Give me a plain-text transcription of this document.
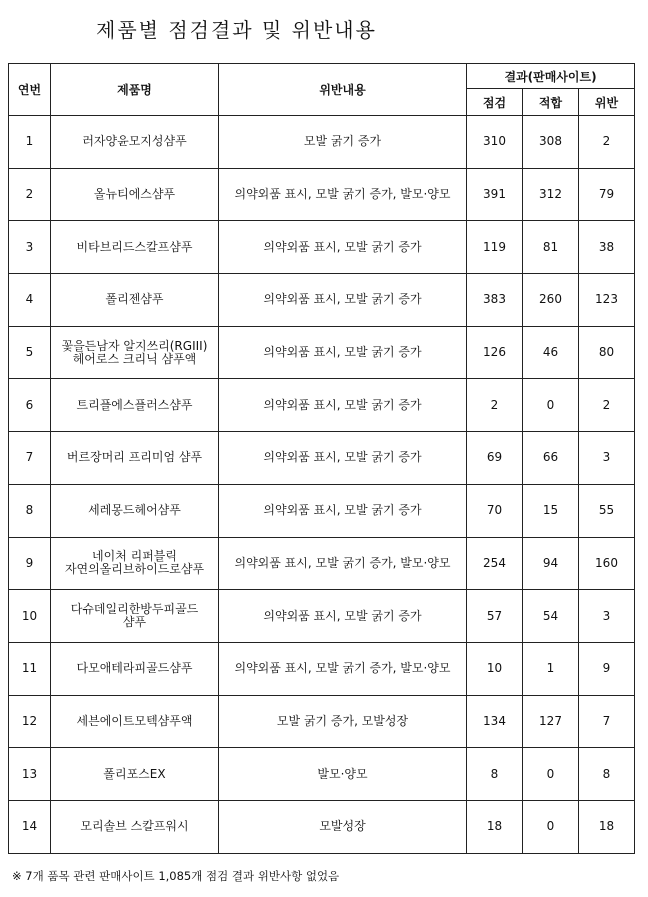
제품별 점검결과 및 위반내용
연번	제품명	위반내용	결과(판매사이트)		
			점검	적합	위반
1	러자양윤모지성샴푸	모발 굵기 증가	310	308	2
2	올뉴티에스샴푸	의약외품 표시, 모발 굵기 증가, 발모·양모	391	312	79
3	비타브리드스칼프샴푸	의약외품 표시, 모발 굵기 증가	119	81	38
4	폴리젠샴푸	의약외품 표시, 모발 굵기 증가	383	260	123
5	꽃을든남자 알지쓰리(RGIII)
헤어로스 크리닉 샴푸액	의약외품 표시, 모발 굵기 증가	126	46	80
6	트리플에스플러스샴푸	의약외품 표시, 모발 굵기 증가	2	0	2
7	버르장머리 프리미엄 샴푸	의약외품 표시, 모발 굵기 증가	69	66	3
8	세레몽드헤어샴푸	의약외품 표시, 모발 굵기 증가	70	15	55
9	네이처 리퍼블릭
자연의올리브하이드로샴푸	의약외품 표시, 모발 굵기 증가, 발모·양모	254	94	160
10	다슈데일리한방두피골드
샴푸	의약외품 표시, 모발 굵기 증가	57	54	3
11	다모애테라피골드샴푸	의약외품 표시, 모발 굵기 증가, 발모·양모	10	1	9
12	세븐에이트모텍샴푸액	모발 굵기 증가, 모발성장	134	127	7
13	폴리포스EX	발모·양모	8	0	8
14	모리솔브 스칼프워시	모발성장	18	0	18
※ 7개 품목 관련 판매사이트 1,085개 점검 결과 위반사항 없었음
